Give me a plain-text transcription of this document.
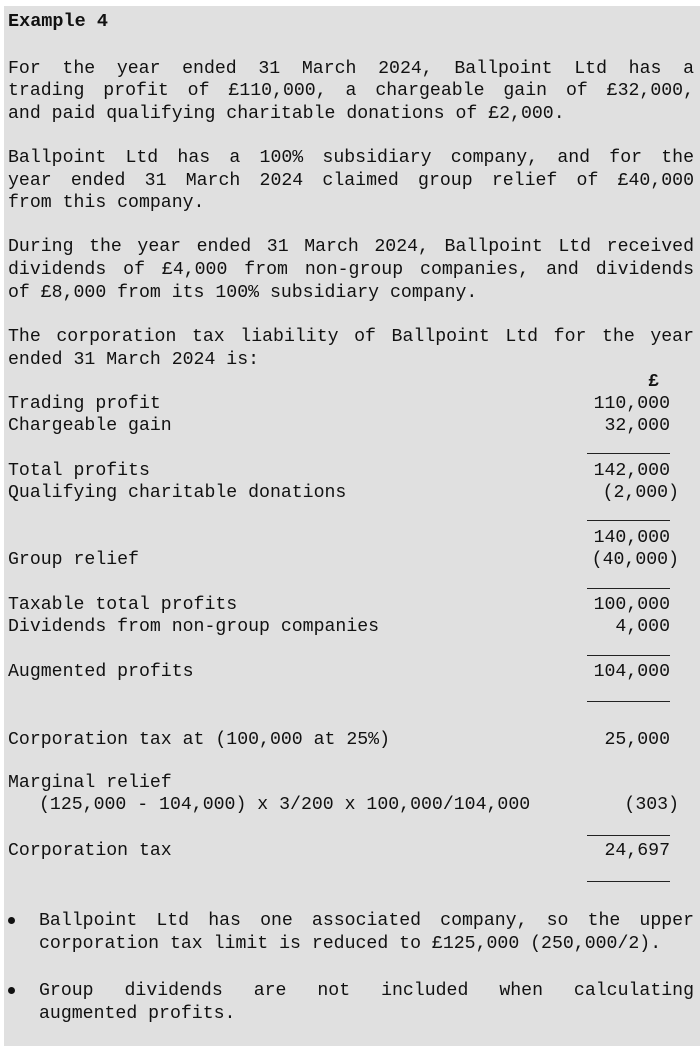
Example 4
For the year ended 31 March 2024, Ballpoint Ltd has a
trading profit of £110,000, a chargeable gain of £32,000,
and paid qualifying charitable donations of £2,000.
Ballpoint Ltd has a 100% subsidiary company, and for the
year ended 31 March 2024 claimed group relief of £40,000
from this company.
During the year ended 31 March 2024, Ballpoint Ltd received
dividends of £4,000 from non-group companies, and dividends
of £8,000 from its 100% subsidiary company.
The corporation tax liability of Ballpoint Ltd for the year
ended 31 March 2024 is:
£
Trading profit	110,000
Chargeable gain	32,000
Total profits	142,000
Qualifying charitable donations	(2,000)
140,000
Group relief	(40,000)
Taxable total profits	100,000
Dividends from non-group companies	4,000
Augmented profits	104,000
Corporation tax at (100,000 at 25%)	25,000
Marginal relief
(125,000 - 104,000) x 3/200 x 100,000/104,000	(303)
Corporation tax	24,697
Ballpoint Ltd has one associated company, so the upper
corporation tax limit is reduced to £125,000 (250,000/2).
Group dividends are not included when calculating
augmented profits.
